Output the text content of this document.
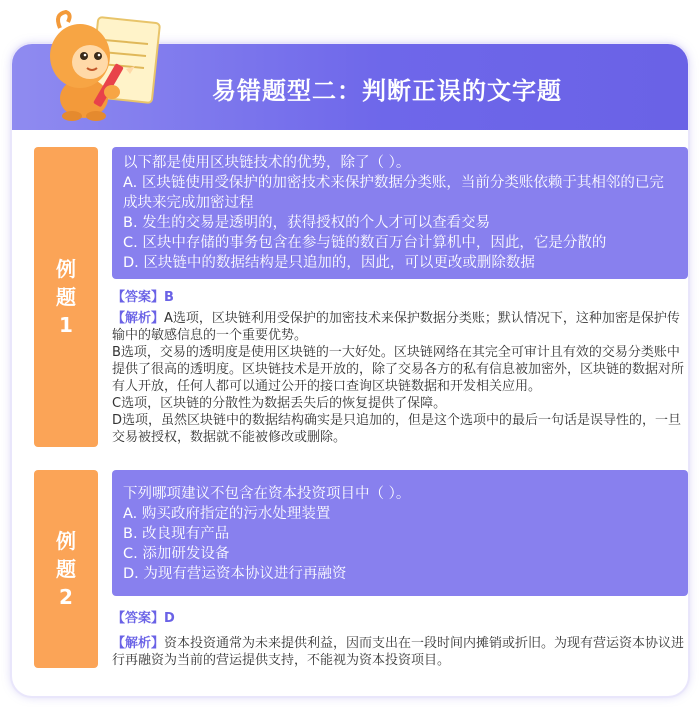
易错题型二：判断正误的文字题
例
题
1
以下都是使用区块链技术的优势，除了（ ）。
A. 区块链使用受保护的加密技术来保护数据分类账，当前分类账依赖于其相邻的已完成块来完成加密过程
B. 发生的交易是透明的，获得授权的个人才可以查看交易
C. 区块中存储的事务包含在参与链的数百万台计算机中，因此，它是分散的
D. 区块链中的数据结构是只追加的，因此，可以更改或删除数据

【答案】B

【解析】A选项，区块链利用受保护的加密技术来保护数据分类账；默认情况下，这种加密是保护传输中的敏感信息的一个重要优势。

B选项，交易的透明度是使用区块链的一大好处。区块链网络在其完全可审计且有效的交易分类账中提供了很高的透明度。区块链技术是开放的，除了交易各方的私有信息被加密外，区块链的数据对所有人开放，任何人都可以通过公开的接口查询区块链数据和开发相关应用。

C选项，区块链的分散性为数据丢失后的恢复提供了保障。

D选项，虽然区块链中的数据结构确实是只追加的，但是这个选项中的最后一句话是误导性的，一旦交易被授权，数据就不能被修改或删除。

例
题
2
下列哪项建议不包含在资本投资项目中（ ）。
A. 购买政府指定的污水处理装置
B. 改良现有产品
C. 添加研发设备
D. 为现有营运资本协议进行再融资

【答案】D

【解析】资本投资通常为未来提供利益，因而支出在一段时间内摊销或折旧。为现有营运资本协议进行再融资为当前的营运提供支持，不能视为资本投资项目。
